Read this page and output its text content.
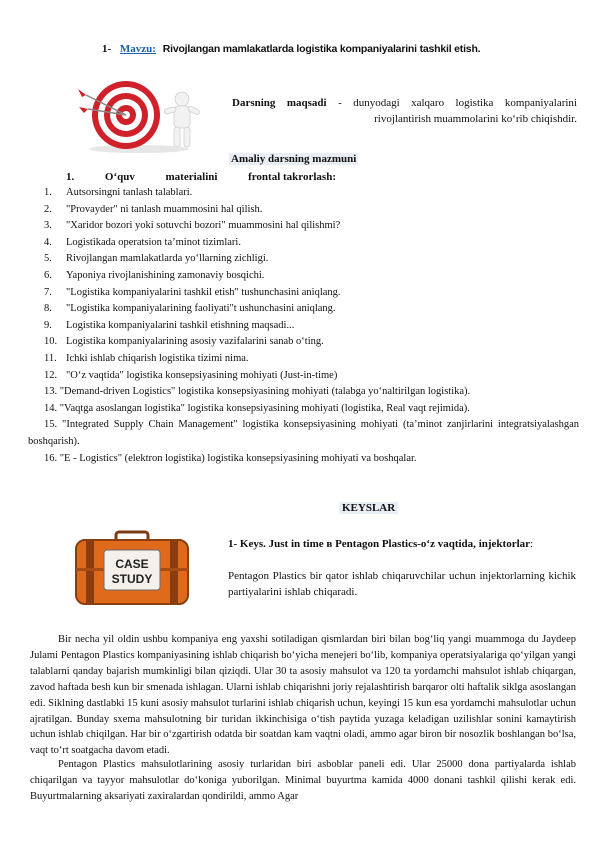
1- Mavzu: Rivojlangan mamlakatlarda logistika kompaniyalarini tashkil etish.
Darsning maqsadi - dunyodagi xalqaro logistika kompaniyalarini rivojlantirish muammolarini ko‘rib chiqishdir.
Amaliy darsning mazmuni
1.	O‘quv	materialini	frontal takrorlash:
1.	Autsorsingni tanlash talablari.
2.	"Provayder" ni tanlash muammosini hal qilish.
3.	"Xaridor bozori yoki sotuvchi bozori" muammosini hal qilishmi?
4.	Logistikada operatsion ta’minot tizimlari.
5.	Rivojlangan mamlakatlarda yo‘llarning zichligi.
6.	Yaponiya rivojlanishining zamonaviy bosqichi.
7.	"Logistika kompaniyalarini tashkil etish" tushunchasini aniqlang.
8.	"Logistika kompaniyalarining faoliyati"t ushunchasini aniqlang.
9.	Logistika kompaniyalarini tashkil etishning maqsadi...
10. Logistika kompaniyalarining asosiy vazifalarini sanab o‘ting.
11. Ichki ishlab chiqarish logistika tizimi nima.
12. "O‘z vaqtida" logistika konsepsiyasining mohiyati (Just-in-time)
13. "Demand-driven Logistics" logistika konsepsiyasining mohiyati (talabga yo‘naltirilgan logistika).
14. "Vaqtga asoslangan logistika" logistika konsepsiyasining mohiyati (logistika, Real vaqt rejimida).
15. "Integrated Supply Chain Management" logistika konsepsiyasining mohiyati (ta’minot zanjirlarini integratsiyalashgan boshqarish).
16. "E - Logistics" (elektron logistika) logistika konsepsiyasining mohiyati va boshqalar.
KEYSLAR
CASE
STUDY
1- Keys. Just in time в Pentagon Plastics-o‘z vaqtida, injektorlar:
Pentagon Plastics bir qator ishlab chiqaruvchilar uchun injektorlarning kichik partiyalarini ishlab chiqaradi.
Bir necha yil oldin ushbu kompaniya eng yaxshi sotiladigan qismlardan biri bilan bog‘liq yangi muammoga du Jaydeep Julami Pentagon Plastics kompaniyasining ishlab chiqarish bo‘yicha menejeri bo‘lib, kompaniya operatsiyalariga qo‘yilgan yangi talablarni qanday bajarish mumkinligi bilan qiziqdi. Ular 30 ta asosiy mahsulot va 120 ta yordamchi mahsulot ishlab chiqargan, zavod haftada besh kun bir smenada ishlagan. Ularni ishlab chiqarishni joriy rejalashtirish barqaror olti haftalik siklga asoslangan edi. Siklning dastlabki 15 kuni asosiy mahsulot turlarini ishlab chiqarish uchun, keyingi 15 kun esa yordamchi mahsulotlar uchun ajratilgan. Bunday sxema mahsulotning bir turidan ikkinchisiga o‘tish paytida yuzaga keladigan uzilishlar sonini kamaytirish uchun ishlab chiqilgan. Har bir o‘zgartirish odatda bir soatdan kam vaqtni oladi, ammo agar biron bir nosozlik boshlangan bo‘lsa, vaqt to‘rt soatgacha davom etadi.
Pentagon Plastics mahsulotlarining asosiy turlaridan biri asboblar paneli edi. Ular 25000 dona partiyalarda ishlab chiqarilgan va tayyor mahsulotlar do‘koniga yuborilgan. Minimal buyurtma kamida 4000 donani tashkil qilishi kerak edi. Buyurtmalarning aksariyati zaxiralardan qondirildi, ammo Agar
